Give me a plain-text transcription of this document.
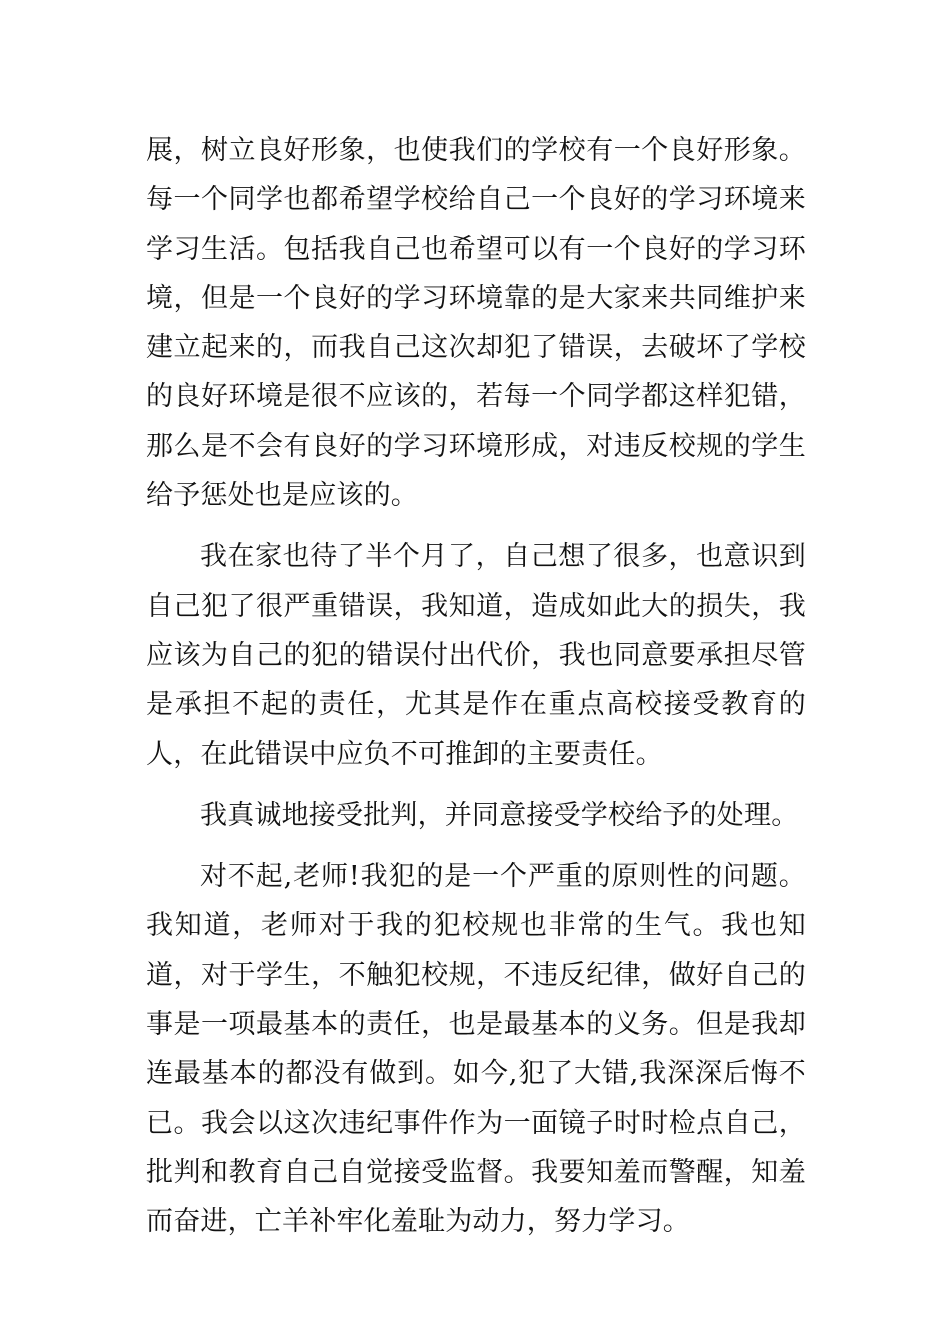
展，树立良好形象，也使我们的学校有一个良好形象。每一个同学也都希望学校给自己一个良好的学习环境来学习生活。包括我自己也希望可以有一个良好的学习环境，但是一个良好的学习环境靠的是大家来共同维护来建立起来的，而我自己这次却犯了错误，去破坏了学校的良好环境是很不应该的，若每一个同学都这样犯错，那么是不会有良好的学习环境形成，对违反校规的学生给予惩处也是应该的。

我在家也待了半个月了，自己想了很多，也意识到自己犯了很严重错误，我知道，造成如此大的损失，我应该为自己的犯的错误付出代价，我也同意要承担尽管是承担不起的责任，尤其是作在重点高校接受教育的人，在此错误中应负不可推卸的主要责任。

我真诚地接受批判，并同意接受学校给予的处理。

对不起,老师!我犯的是一个严重的原则性的问题。我知道，老师对于我的犯校规也非常的生气。我也知道，对于学生，不触犯校规，不违反纪律，做好自己的事是一项最基本的责任，也是最基本的义务。但是我却连最基本的都没有做到。如今,犯了大错,我深深后悔不已。我会以这次违纪事件作为一面镜子时时检点自己，批判和教育自己自觉接受监督。我要知羞而警醒，知羞而奋进，亡羊补牢化羞耻为动力，努力学习。
